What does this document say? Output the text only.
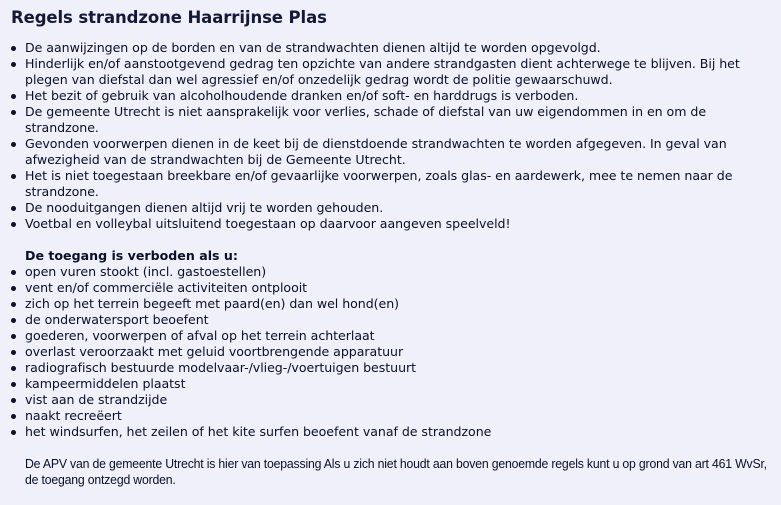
Regels strandzone Haarrijnse Plas
De aanwijzingen op de borden en van de strandwachten dienen altijd te worden opgevolgd.
Hinderlijk en/of aanstootgevend gedrag ten opzichte van andere strandgasten dient achterwege te blijven. Bij het plegen van diefstal dan wel agressief en/of onzedelijk gedrag wordt de politie gewaarschuwd.
Het bezit of gebruik van alcoholhoudende dranken en/of soft- en harddrugs is verboden.
De gemeente Utrecht is niet aansprakelijk voor verlies, schade of diefstal van uw eigendommen in en om de strandzone.
Gevonden voorwerpen dienen in de keet bij de dienstdoende strandwachten te worden afgegeven. In geval van afwezigheid van de strandwachten bij de Gemeente Utrecht.
Het is niet toegestaan breekbare en/of gevaarlijke voorwerpen, zoals glas- en aardewerk, mee te nemen naar de strandzone.
De nooduitgangen dienen altijd vrij te worden gehouden.
Voetbal en volleybal uitsluitend toegestaan op daarvoor aangeven speelveld!
De toegang is verboden als u:
open vuren stookt (incl. gastoestellen)
vent en/of commerciële activiteiten ontplooit
zich op het terrein begeeft met paard(en) dan wel hond(en)
de onderwatersport beoefent
goederen, voorwerpen of afval op het terrein achterlaat
overlast veroorzaakt met geluid voortbrengende apparatuur
radiografisch bestuurde modelvaar-/vlieg-/voertuigen bestuurt
kampeermiddelen plaatst
vist aan de strandzijde
naakt recreëert
het windsurfen, het zeilen of het kite surfen beoefent vanaf de strandzone

De APV van de gemeente Utrecht is hier van toepassing Als u zich niet houdt aan boven genoemde regels kunt u op grond van art 461 WvSr, de toegang ontzegd worden.
